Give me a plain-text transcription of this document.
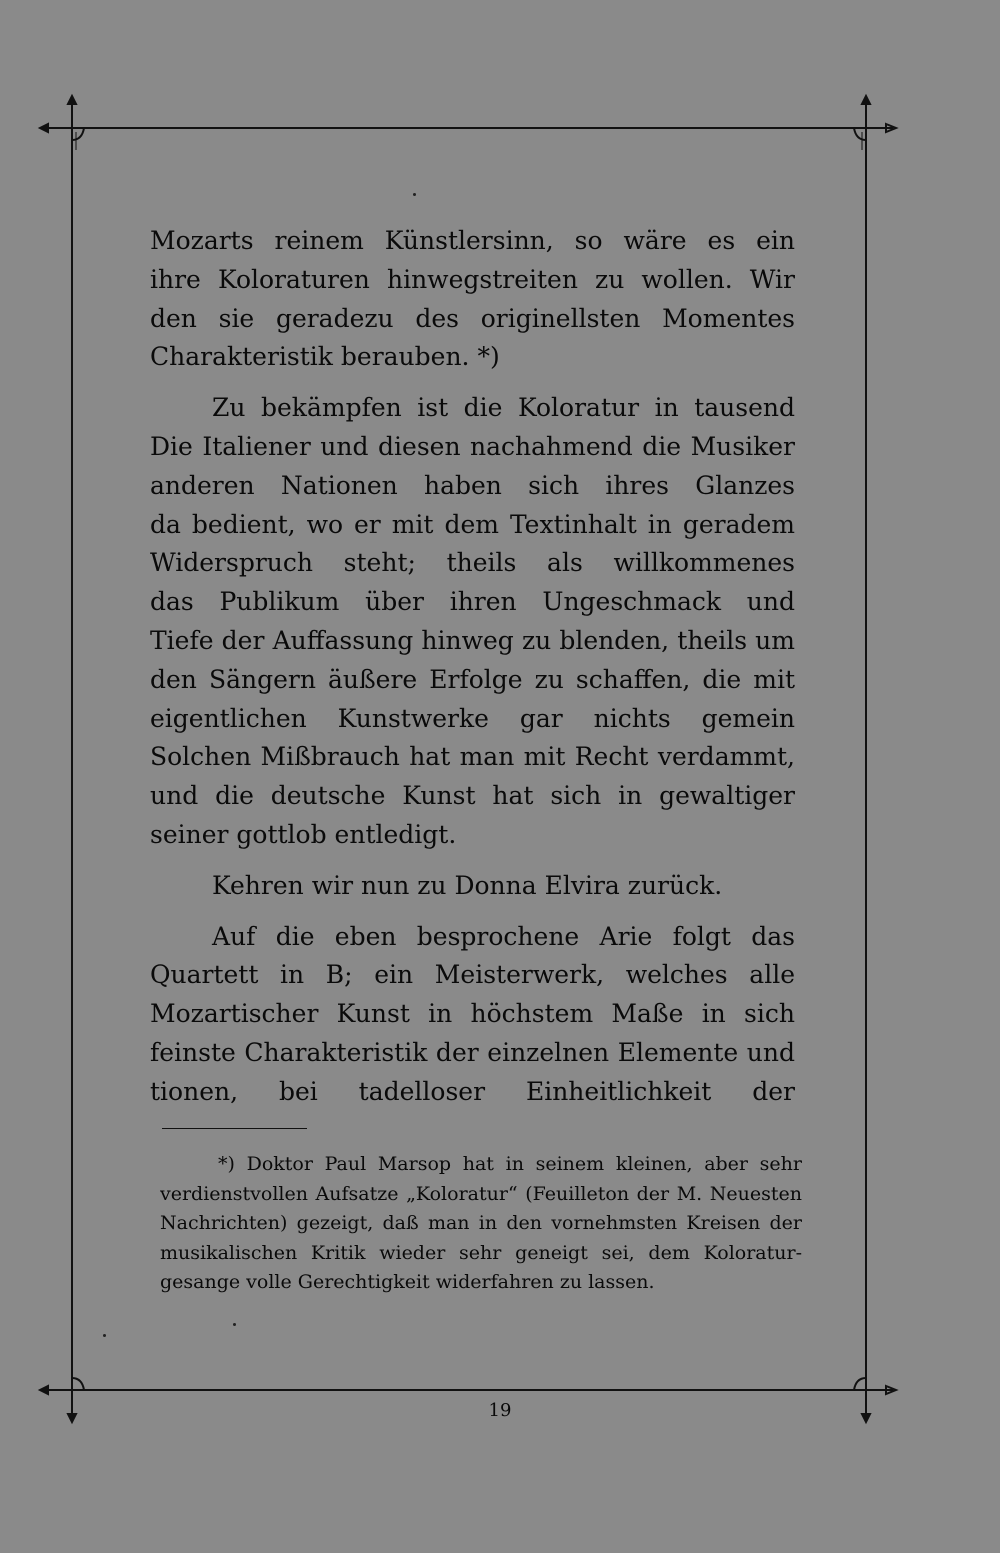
Mozarts reinem Künstlersinn, so wäre es ein
ihre Koloraturen hinwegstreiten zu wollen. Wir
den sie geradezu des originellsten Momentes
Charakteristik berauben. *)

Zu bekämpfen ist die Koloratur in tausend
Die Italiener und diesen nachahmend die Musiker
anderen Nationen haben sich ihres Glanzes
da bedient, wo er mit dem Textinhalt in geradem
Widerspruch steht; theils als willkommenes
das Publikum über ihren Ungeschmack und
Tiefe der Auffassung hinweg zu blenden, theils um
den Sängern äußere Erfolge zu schaffen, die mit
eigentlichen Kunstwerke gar nichts gemein
Solchen Mißbrauch hat man mit Recht verdammt,
und die deutsche Kunst hat sich in gewaltiger
seiner gottlob entledigt.

Kehren wir nun zu Donna Elvira zurück.

Auf die eben besprochene Arie folgt das
Quartett in B; ein Meisterwerk, welches alle
Mozartischer Kunst in höchstem Maße in sich
feinste Charakteristik der einzelnen Elemente und
tionen, bei tadelloser Einheitlichkeit der

*) Doktor Paul Marsop hat in seinem kleinen, aber sehr
verdienstvollen Aufsatze „Koloratur“ (Feuilleton der M. Neuesten
Nachrichten) gezeigt, daß man in den vornehmsten Kreisen der
musikalischen Kritik wieder sehr geneigt sei, dem Koloratur-
gesange volle Gerechtigkeit widerfahren zu lassen.
19
